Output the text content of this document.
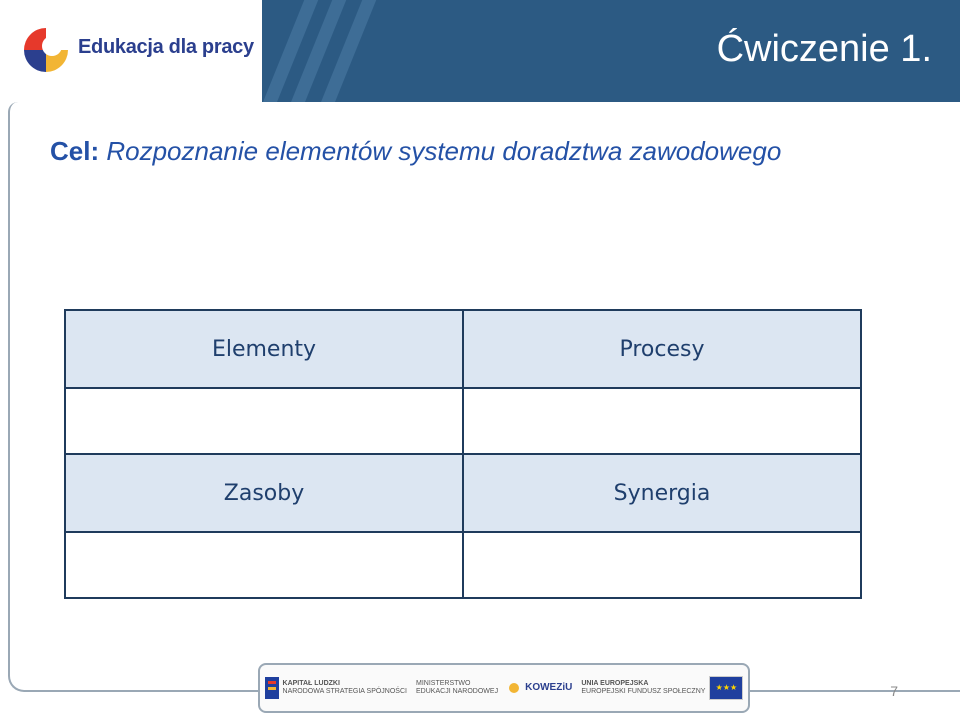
Edukacja dla pracy	Ćwiczenie 1.
Cel: Rozpoznanie elementów systemu doradztwa zawodowego
Elementy	Procesy

Zasoby	Synergia

KAPITAŁ LUDZKI
NARODOWA STRATEGIA SPÓJNOŚCI
MINISTERSTWO
EDUKACJI NARODOWEJ	KOWEZiU UNIA EUROPEJSKA
EUROPEJSKI FUNDUSZ SPOŁECZNY	★★★	7
